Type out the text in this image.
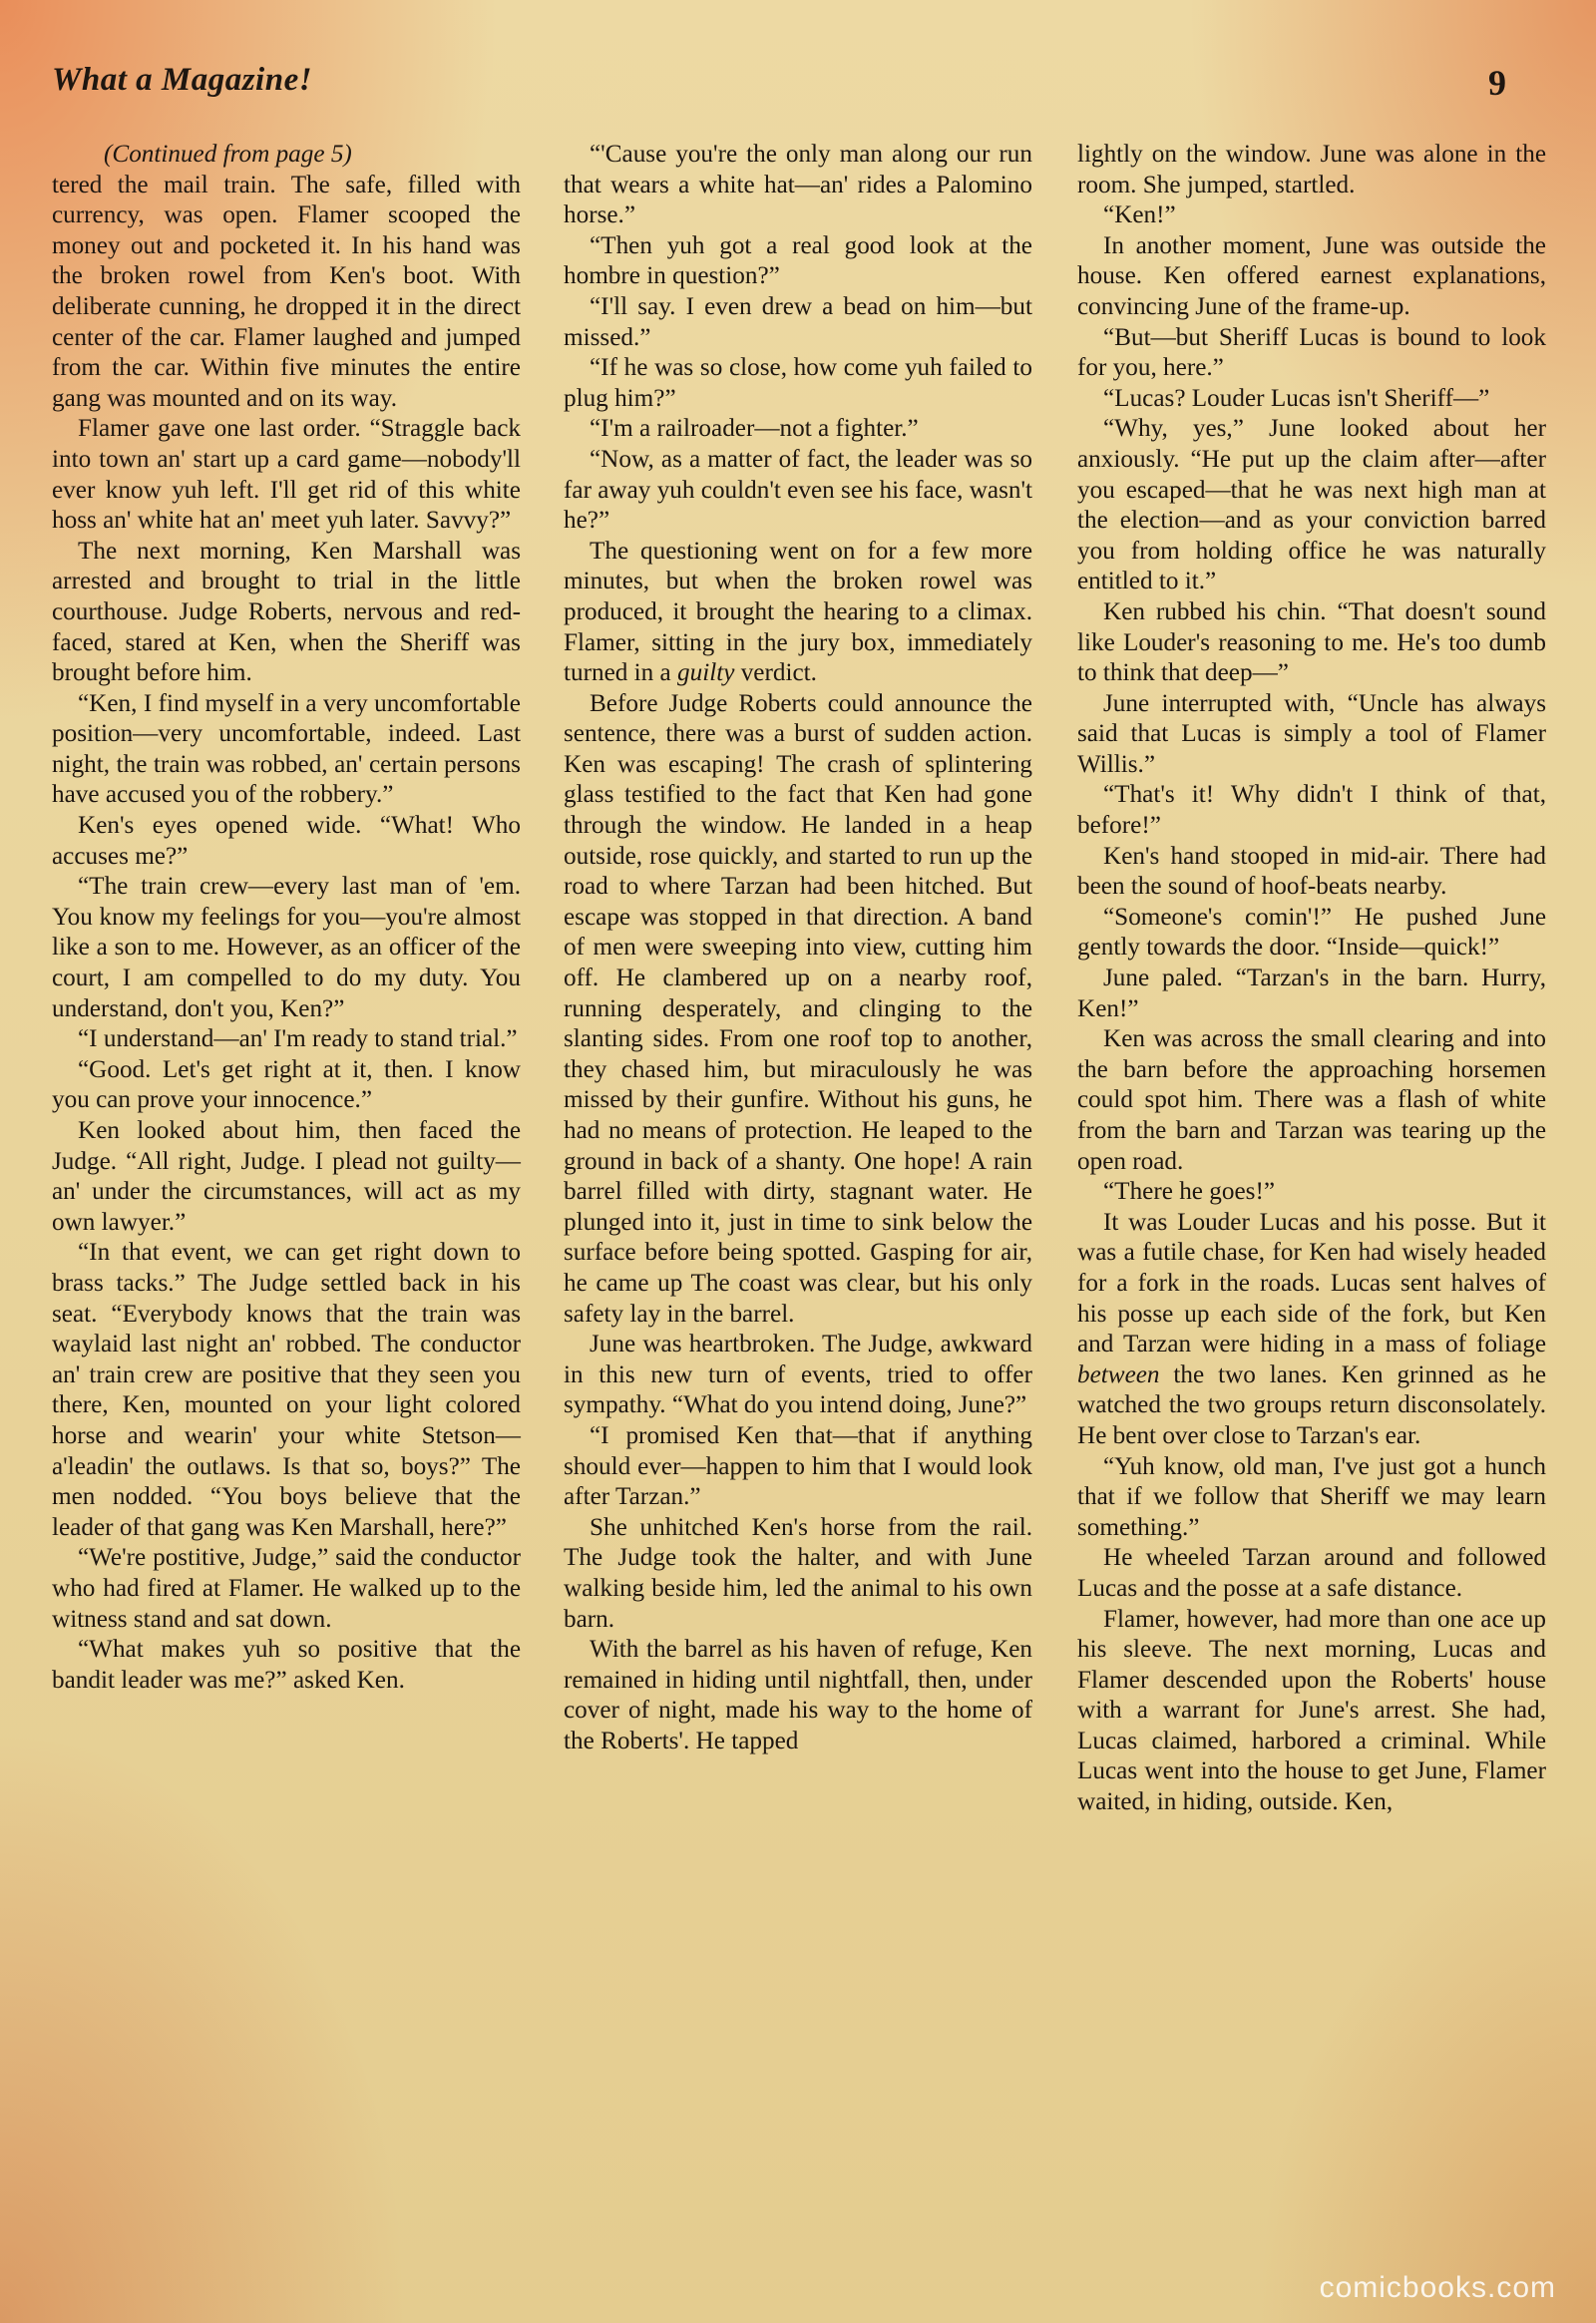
What a Magazine!	9

(Continued from page 5)

tered the mail train. The safe, filled with currency, was open. Flamer scooped the money out and pocketed it. In his hand was the broken rowel from Ken's boot. With deliberate cunning, he dropped it in the direct center of the car. Flamer laughed and jumped from the car. Within five minutes the entire gang was mounted and on its way.

Flamer gave one last order. “Straggle back into town an' start up a card game—nobody'll ever know yuh left. I'll get rid of this white hoss an' white hat an' meet yuh later. Savvy?”

The next morning, Ken Marshall was arrested and brought to trial in the little courthouse. Judge Roberts, nervous and red-faced, stared at Ken, when the Sheriff was brought before him.

“Ken, I find myself in a very uncomfortable position—very uncomfortable, indeed. Last night, the train was robbed, an' certain persons have accused you of the robbery.”

Ken's eyes opened wide. “What! Who accuses me?”

“The train crew—every last man of 'em. You know my feelings for you—you're almost like a son to me. However, as an officer of the court, I am compelled to do my duty. You understand, don't you, Ken?”

“I understand—an' I'm ready to stand trial.”

“Good. Let's get right at it, then. I know you can prove your innocence.”

Ken looked about him, then faced the Judge. “All right, Judge. I plead not guilty—an' under the circumstances, will act as my own lawyer.”

“In that event, we can get right down to brass tacks.” The Judge settled back in his seat. “Everybody knows that the train was waylaid last night an' robbed. The conductor an' train crew are positive that they seen you there, Ken, mounted on your light colored horse and wearin' your white Stetson—a'leadin' the outlaws. Is that so, boys?” The men nodded. “You boys believe that the leader of that gang was Ken Marshall, here?”

“We're postitive, Judge,” said the conductor who had fired at Flamer. He walked up to the witness stand and sat down.

“What makes yuh so positive that the bandit leader was me?” asked Ken.

“'Cause you're the only man along our run that wears a white hat—an' rides a Palomino horse.”

“Then yuh got a real good look at the hombre in question?”

“I'll say. I even drew a bead on him—but missed.”

“If he was so close, how come yuh failed to plug him?”

“I'm a railroader—not a fighter.”

“Now, as a matter of fact, the leader was so far away yuh couldn't even see his face, wasn't he?”

The questioning went on for a few more minutes, but when the broken rowel was produced, it brought the hearing to a climax. Flamer, sitting in the jury box, immediately turned in a guilty verdict.

Before Judge Roberts could announce the sentence, there was a burst of sudden action. Ken was escaping! The crash of splintering glass testified to the fact that Ken had gone through the window. He landed in a heap outside, rose quickly, and started to run up the road to where Tarzan had been hitched. But escape was stopped in that direction. A band of men were sweeping into view, cutting him off. He clambered up on a nearby roof, running desperately, and clinging to the slanting sides. From one roof top to another, they chased him, but miraculously he was missed by their gunfire. Without his guns, he had no means of protection. He leaped to the ground in back of a shanty. One hope! A rain barrel filled with dirty, stagnant water. He plunged into it, just in time to sink below the surface before being spotted. Gasping for air, he came up The coast was clear, but his only safety lay in the barrel.

June was heartbroken. The Judge, awkward in this new turn of events, tried to offer sympathy. “What do you intend doing, June?”

“I promised Ken that—that if anything should ever—happen to him that I would look after Tarzan.”

She unhitched Ken's horse from the rail. The Judge took the halter, and with June walking beside him, led the animal to his own barn.

With the barrel as his haven of refuge, Ken remained in hiding until nightfall, then, under cover of night, made his way to the home of the Roberts'. He tapped

lightly on the window. June was alone in the room. She jumped, startled.

“Ken!”

In another moment, June was outside the house. Ken offered earnest explanations, convincing June of the frame-up.

“But—but Sheriff Lucas is bound to look for you, here.”

“Lucas? Louder Lucas isn't Sheriff—”

“Why, yes,” June looked about her anxiously. “He put up the claim after—after you escaped—that he was next high man at the election—and as your conviction barred you from holding office he was naturally entitled to it.”

Ken rubbed his chin. “That doesn't sound like Louder's reasoning to me. He's too dumb to think that deep—”

June interrupted with, “Uncle has always said that Lucas is simply a tool of Flamer Willis.”

“That's it! Why didn't I think of that, before!”

Ken's hand stooped in mid-air. There had been the sound of hoof-beats nearby.

“Someone's comin'!” He pushed June gently towards the door. “Inside—quick!”

June paled. “Tarzan's in the barn. Hurry, Ken!”

Ken was across the small clearing and into the barn before the approaching horsemen could spot him. There was a flash of white from the barn and Tarzan was tearing up the open road.

“There he goes!”

It was Louder Lucas and his posse. But it was a futile chase, for Ken had wisely headed for a fork in the roads. Lucas sent halves of his posse up each side of the fork, but Ken and Tarzan were hiding in a mass of foliage between the two lanes. Ken grinned as he watched the two groups return disconsolately. He bent over close to Tarzan's ear.

“Yuh know, old man, I've just got a hunch that if we follow that Sheriff we may learn something.”

He wheeled Tarzan around and followed Lucas and the posse at a safe distance.

Flamer, however, had more than one ace up his sleeve. The next morning, Lucas and Flamer descended upon the Roberts' house with a warrant for June's arrest. She had, Lucas claimed, harbored a criminal. While Lucas went into the house to get June, Flamer waited, in hiding, outside. Ken,

comicbooks.com
